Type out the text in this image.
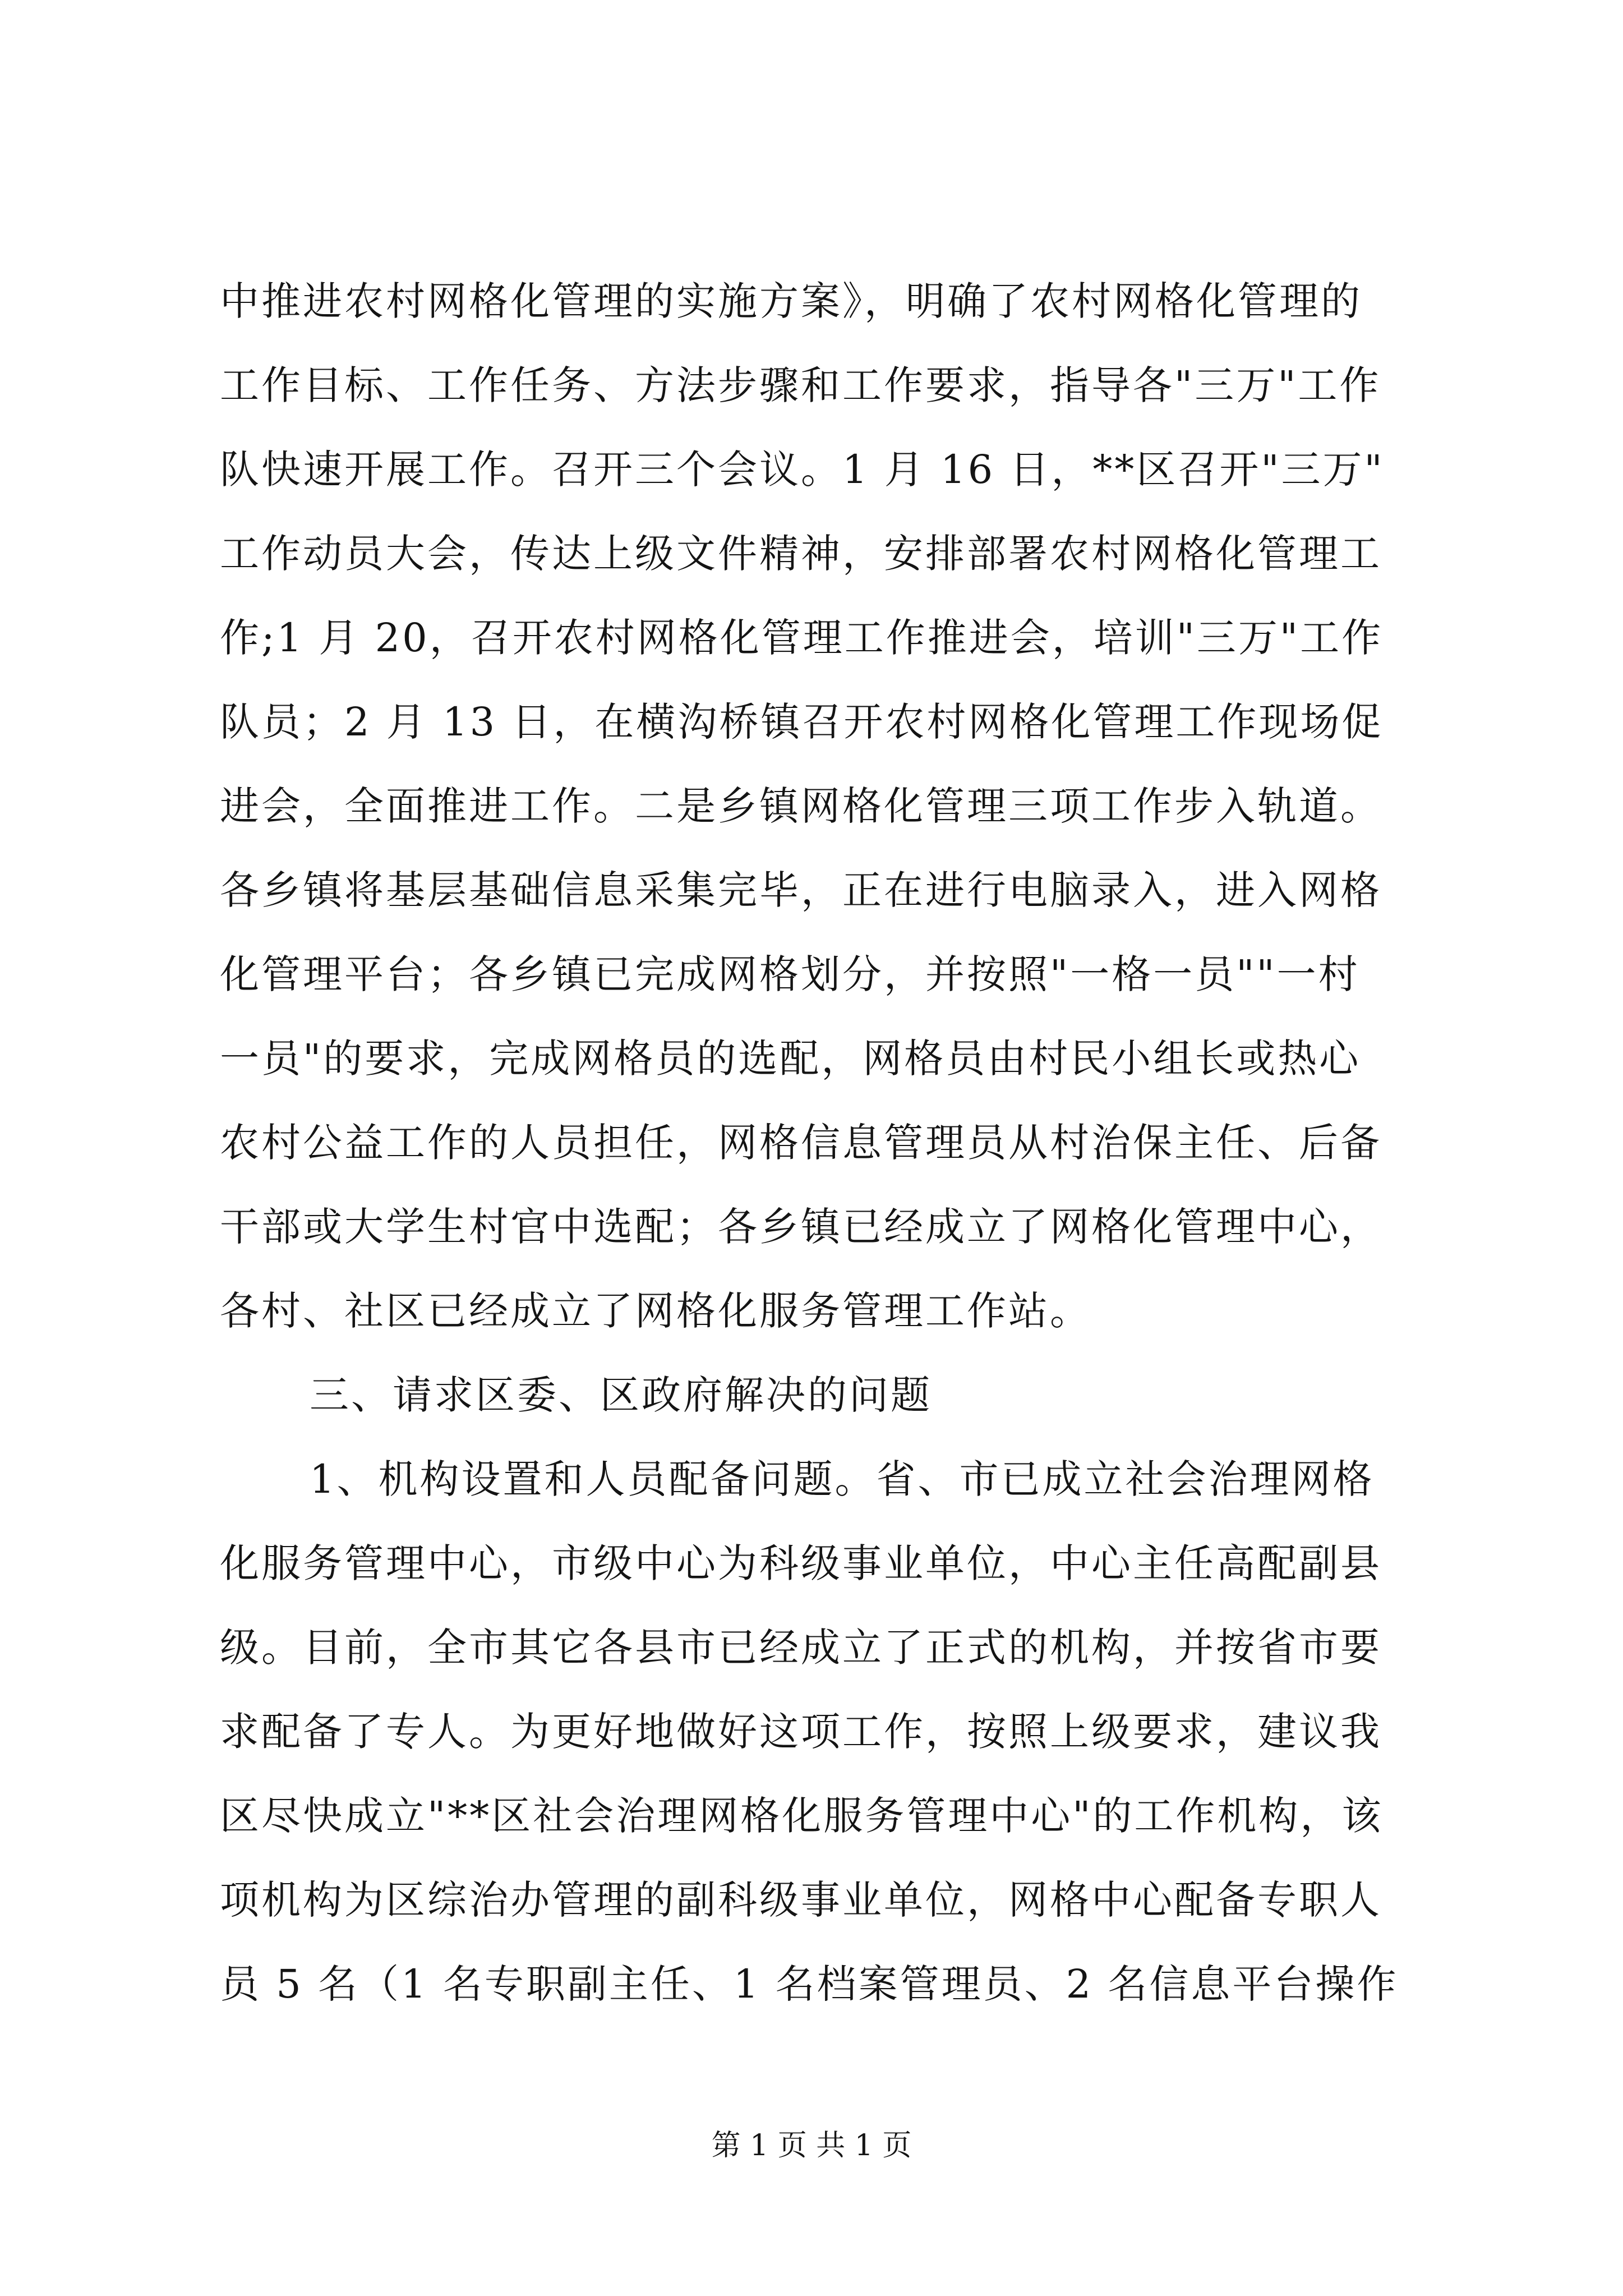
中推进农村网格化管理的实施方案》，明确了农村网格化管理的
工作目标、工作任务、方法步骤和工作要求，指导各"三万"工作
队快速开展工作。召开三个会议。1 月 16 日，**区召开"三万"
工作动员大会，传达上级文件精神，安排部署农村网格化管理工
作;1 月 20，召开农村网格化管理工作推进会，培训"三万"工作
队员；2 月 13 日，在横沟桥镇召开农村网格化管理工作现场促
进会，全面推进工作。二是乡镇网格化管理三项工作步入轨道。
各乡镇将基层基础信息采集完毕，正在进行电脑录入，进入网格
化管理平台；各乡镇已完成网格划分，并按照"一格一员""一村
一员"的要求，完成网格员的选配，网格员由村民小组长或热心
农村公益工作的人员担任，网格信息管理员从村治保主任、后备
干部或大学生村官中选配；各乡镇已经成立了网格化管理中心，
各村、社区已经成立了网格化服务管理工作站。
三、请求区委、区政府解决的问题
1、机构设置和人员配备问题。省、市已成立社会治理网格
化服务管理中心，市级中心为科级事业单位，中心主任高配副县
级。目前，全市其它各县市已经成立了正式的机构，并按省市要
求配备了专人。为更好地做好这项工作，按照上级要求，建议我
区尽快成立"**区社会治理网格化服务管理中心"的工作机构，该
项机构为区综治办管理的副科级事业单位，网格中心配备专职人
员 5 名（1 名专职副主任、1 名档案管理员、2 名信息平台操作
第 1 页 共 1 页
